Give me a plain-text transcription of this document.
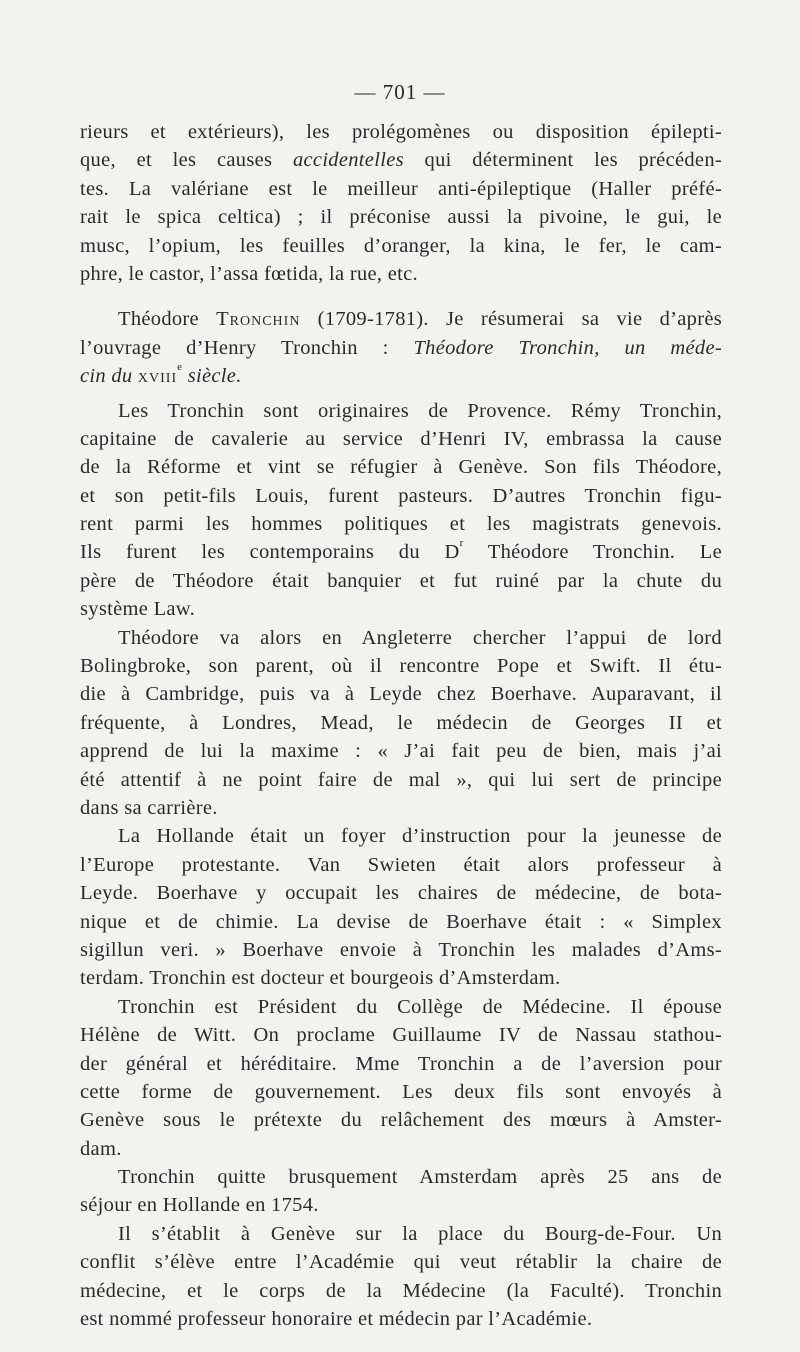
— 701 —
rieurs et extérieurs), les prolégomènes ou disposition épilepti-
que, et les causes accidentelles qui déterminent les précéden-
tes. La valériane est le meilleur anti-épileptique (Haller préfé-
rait le spica celtica) ; il préconise aussi la pivoine, le gui, le
musc, l’opium, les feuilles d’oranger, la kina, le fer, le cam-
phre, le castor, l’assa fœtida, la rue, etc.
Théodore Tronchin (1709-1781). Je résumerai sa vie d’après
l’ouvrage d’Henry Tronchin : Théodore Tronchin, un méde-
cin du xviii$^e$ siècle.
Les Tronchin sont originaires de Provence. Rémy Tronchin,
capitaine de cavalerie au service d’Henri IV, embrassa la cause
de la Réforme et vint se réfugier à Genève. Son fils Théodore,
et son petit-fils Louis, furent pasteurs. D’autres Tronchin figu-
rent parmi les hommes politiques et les magistrats genevois.
Ils furent les contemporains du $D^r$ Théodore Tronchin. Le
père de Théodore était banquier et fut ruiné par la chute du
système Law.
Théodore va alors en Angleterre chercher l’appui de lord
Bolingbroke, son parent, où il rencontre Pope et Swift. Il étu-
die à Cambridge, puis va à Leyde chez Boerhave. Auparavant, il
fréquente, à Londres, Mead, le médecin de Georges II et
apprend de lui la maxime : « J’ai fait peu de bien, mais j’ai
été attentif à ne point faire de mal », qui lui sert de principe
dans sa carrière.
La Hollande était un foyer d’instruction pour la jeunesse de
l’Europe protestante. Van Swieten était alors professeur à
Leyde. Boerhave y occupait les chaires de médecine, de bota-
nique et de chimie. La devise de Boerhave était : « Simplex
sigillun veri. » Boerhave envoie à Tronchin les malades d’Ams-
terdam. Tronchin est docteur et bourgeois d’Amsterdam.
Tronchin est Président du Collège de Médecine. Il épouse
Hélène de Witt. On proclame Guillaume IV de Nassau stathou-
der général et héréditaire. Mme Tronchin a de l’aversion pour
cette forme de gouvernement. Les deux fils sont envoyés à
Genève sous le prétexte du relâchement des mœurs à Amster-
dam.
Tronchin quitte brusquement Amsterdam après 25 ans de
séjour en Hollande en 1754.
Il s’établit à Genève sur la place du Bourg-de-Four. Un
conflit s’élève entre l’Académie qui veut rétablir la chaire de
médecine, et le corps de la Médecine (la Faculté). Tronchin
est nommé professeur honoraire et médecin par l’Académie.
